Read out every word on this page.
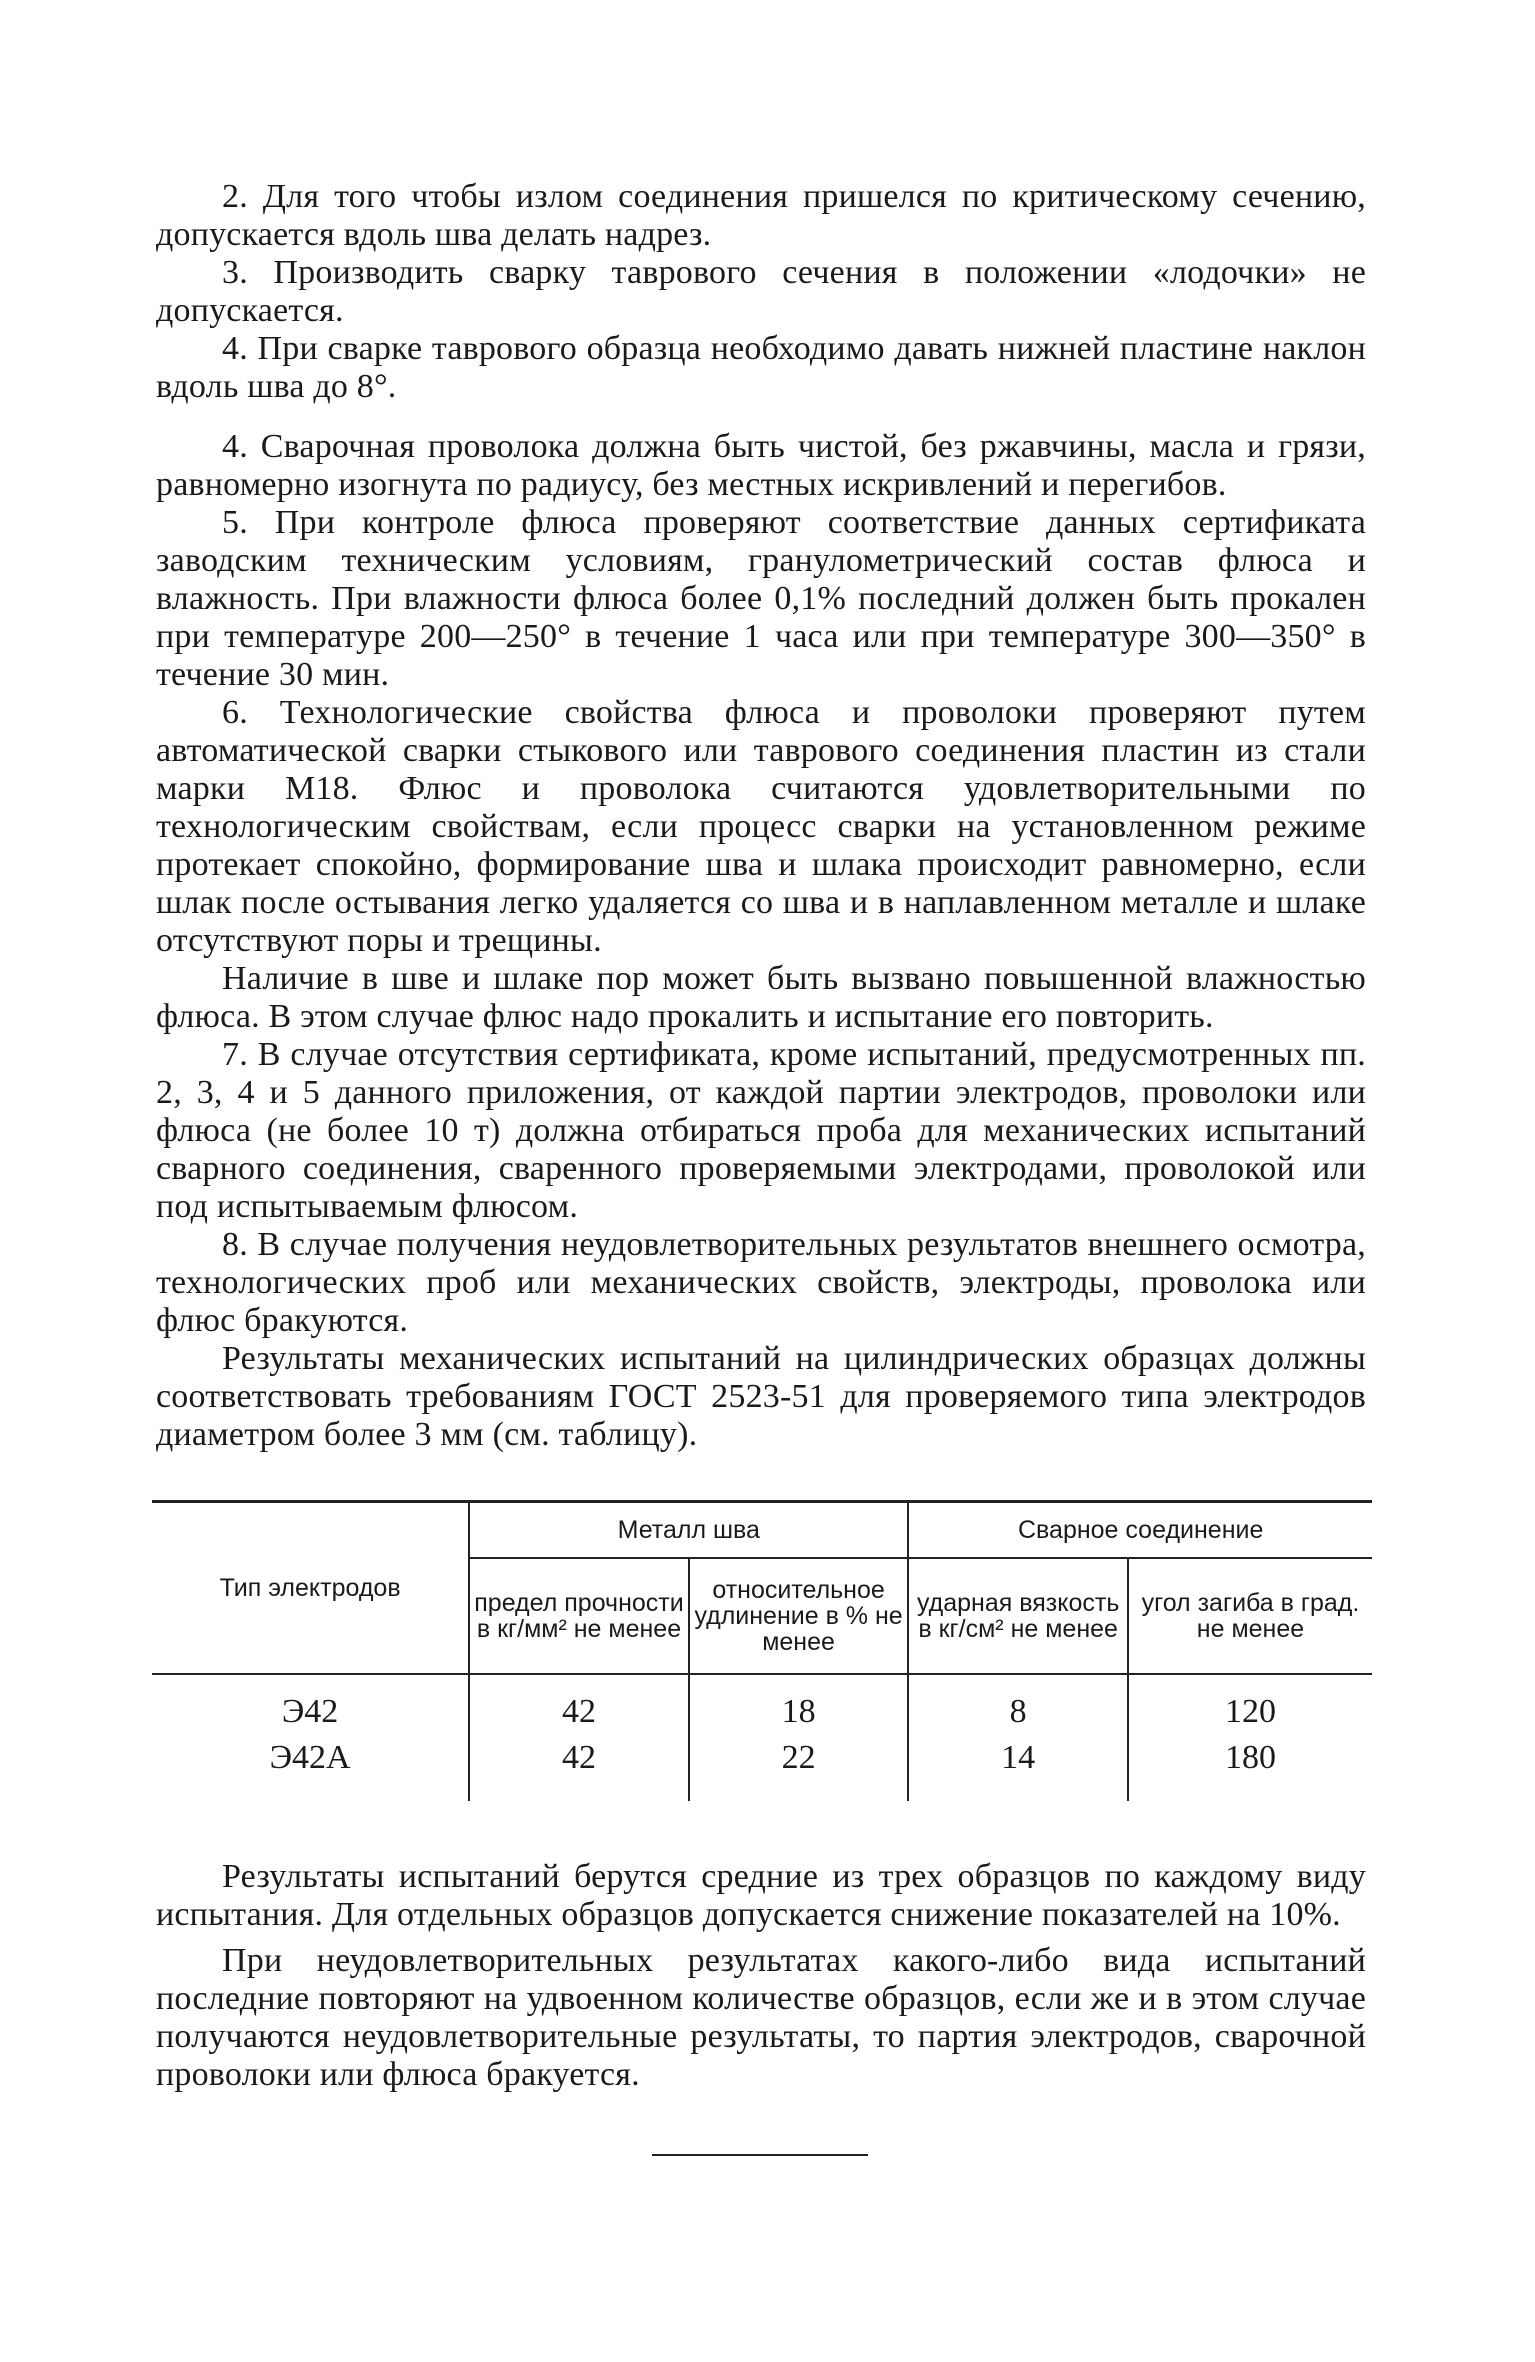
2. Для того чтобы излом соединения пришелся по критическому сечению, допускается вдоль шва делать надрез.

3. Производить сварку таврового сечения в положении «лодочки» не допускается.

4. При сварке таврового образца необходимо давать нижней пластине наклон вдоль шва до 8°.

4. Сварочная проволока должна быть чистой, без ржавчины, масла и грязи, равномерно изогнута по радиусу, без местных искривлений и перегибов.

5. При контроле флюса проверяют соответствие данных сертификата заводским техническим условиям, гранулометрический состав флюса и влажность. При влажности флюса более 0,1% последний должен быть прокален при температуре 200—250° в течение 1 часа или при температуре 300—350° в течение 30 мин.

6. Технологические свойства флюса и проволоки проверяют путем автоматической сварки стыкового или таврового соединения пластин из стали марки М18. Флюс и проволока считаются удовлетворительными по технологическим свойствам, если процесс сварки на установленном режиме протекает спокойно, формирование шва и шлака происходит равномерно, если шлак после остывания легко удаляется со шва и в наплавленном металле и шлаке отсутствуют поры и трещины.

Наличие в шве и шлаке пор может быть вызвано повышенной влажностью флюса. В этом случае флюс надо прокалить и испытание его повторить.

7. В случае отсутствия сертификата, кроме испытаний, предусмотренных пп. 2, 3, 4 и 5 данного приложения, от каждой партии электродов, проволоки или флюса (не более 10 т) должна отбираться проба для механических испытаний сварного соединения, сваренного проверяемыми электродами, проволокой или под испытываемым флюсом.

8. В случае получения неудовлетворительных результатов внешнего осмотра, технологических проб или механических свойств, электроды, проволока или флюс бракуются.

Результаты механических испытаний на цилиндрических образцах должны соответствовать требованиям ГОСТ 2523-51 для проверяемого типа электродов диаметром более 3 мм (см. таблицу).

Тип электродов	Металл шва		Сварное соединение	
	предел прочности в кг/мм² не менее	относительное удлинение в % не менее	ударная вязкость в кг/см² не менее	угол загиба в град. не менее
Э42	42	18	8	120
Э42А	42	22	14	180

Результаты испытаний берутся средние из трех образцов по каждому виду испытания. Для отдельных образцов допускается снижение показателей на 10%.

При неудовлетворительных результатах какого-либо вида испытаний последние повторяют на удвоенном количестве образцов, если же и в этом случае получаются неудовлетворительные результаты, то партия электродов, сварочной проволоки или флюса бракуется.
